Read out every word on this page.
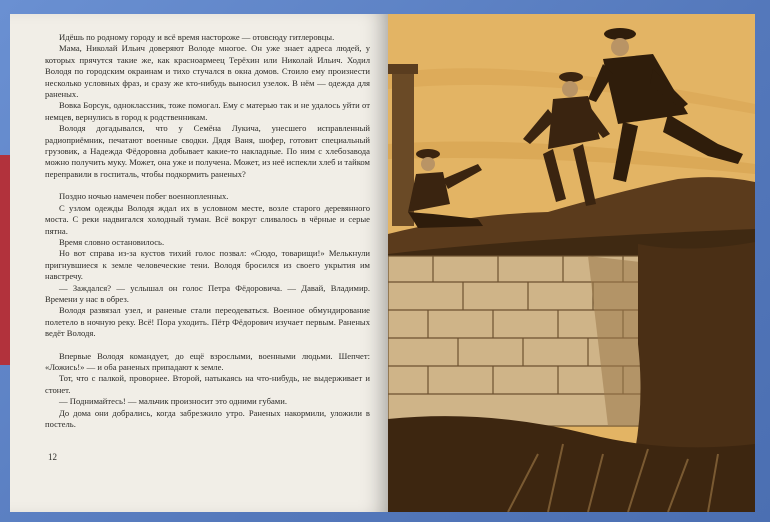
Идёшь по родному городу и всё время настороже — отовсюду гитлеровцы.

Мама, Николай Ильич доверяют Володе многое. Он уже знает адреса людей, у которых прячутся такие же, как красноармеец Терёхин или Николай Ильич. Ходил Володя по городским окраинам и тихо стучался в окна домов. Стоило ему произнести несколько условных фраз, и сразу же кто-нибудь выносил узелок. В нём — одежда для раненых.

Вовка Борсук, одноклассник, тоже помогал. Ему с матерью так и не удалось уйти от немцев, вернулись в город к родственникам.

Володя догадывался, что у Семёна Лукича, унесшего исправленный радиоприёмник, печатают военные сводки. Дядя Ваня, шофер, готовит специальный грузовик, а Надежда Фёдоровна добывает какие-то накладные. По ним с хлебозавода можно получить муку. Может, она уже и получена. Может, из неё испекли хлеб и тайком переправили в госпиталь, чтобы подкормить раненых?

Поздно ночью намечен побег военнопленных.

С узлом одежды Володя ждал их в условном месте, возле старого деревянного моста. С реки надвигался холодный туман. Всё вокруг сливалось в чёрные и серые пятна.

Время словно остановилось.

Но вот справа из-за кустов тихий голос позвал: «Сюдо, товарищи!» Мелькнули пригнувшиеся к земле человеческие тени. Володя бросился из своего укрытия им навстречу.

— Заждался? — услышал он голос Петра Фёдоровича. — Давай, Владимир. Времени у нас в обрез.

Володя развязал узел, и раненые стали переодеваться. Военное обмундирование полетело в ночную реку. Всё! Пора уходить. Пётр Фёдорович изучает первым. Раненых ведёт Володя.

Впервые Володя командует, до ещё взрослыми, военными людьми. Шепчет: «Ложись!» — и оба раненых припадают к земле.

Тот, что с палкой, проворнее. Второй, натыкаясь на что-нибудь, не выдерживает и стонет.

— Поднимайтесь! — мальчик произносит это одними губами.

До дома они добрались, когда забрезжило утро. Раненых накормили, уложили в постель.

12
